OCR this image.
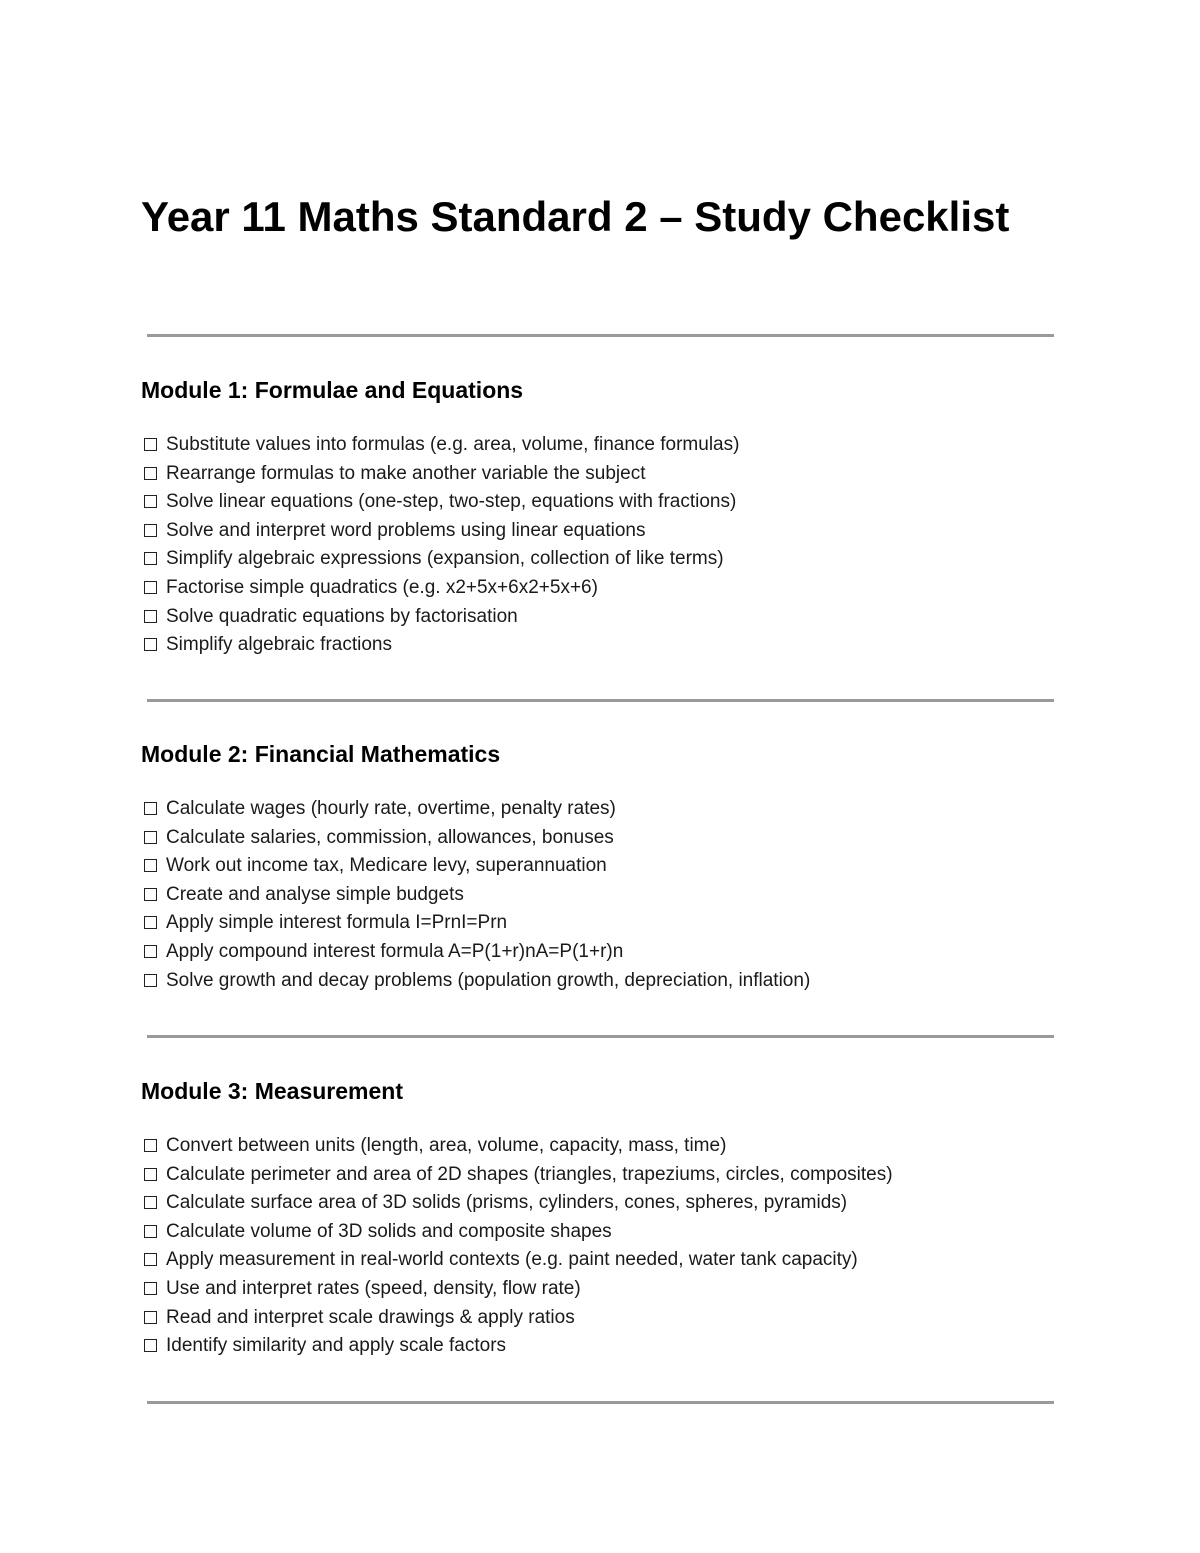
Year 11 Maths Standard 2 – Study Checklist
Module 1: Formulae and Equations
Substitute values into formulas (e.g. area, volume, finance formulas)
Rearrange formulas to make another variable the subject
Solve linear equations (one-step, two-step, equations with fractions)
Solve and interpret word problems using linear equations
Simplify algebraic expressions (expansion, collection of like terms)
Factorise simple quadratics (e.g. x2+5x+6x2+5x+6)
Solve quadratic equations by factorisation
Simplify algebraic fractions
Module 2: Financial Mathematics
Calculate wages (hourly rate, overtime, penalty rates)
Calculate salaries, commission, allowances, bonuses
Work out income tax, Medicare levy, superannuation
Create and analyse simple budgets
Apply simple interest formula I=PrnI=Prn
Apply compound interest formula A=P(1+r)nA=P(1+r)n
Solve growth and decay problems (population growth, depreciation, inflation)
Module 3: Measurement
Convert between units (length, area, volume, capacity, mass, time)
Calculate perimeter and area of 2D shapes (triangles, trapeziums, circles, composites)
Calculate surface area of 3D solids (prisms, cylinders, cones, spheres, pyramids)
Calculate volume of 3D solids and composite shapes
Apply measurement in real-world contexts (e.g. paint needed, water tank capacity)
Use and interpret rates (speed, density, flow rate)
Read and interpret scale drawings & apply ratios
Identify similarity and apply scale factors
